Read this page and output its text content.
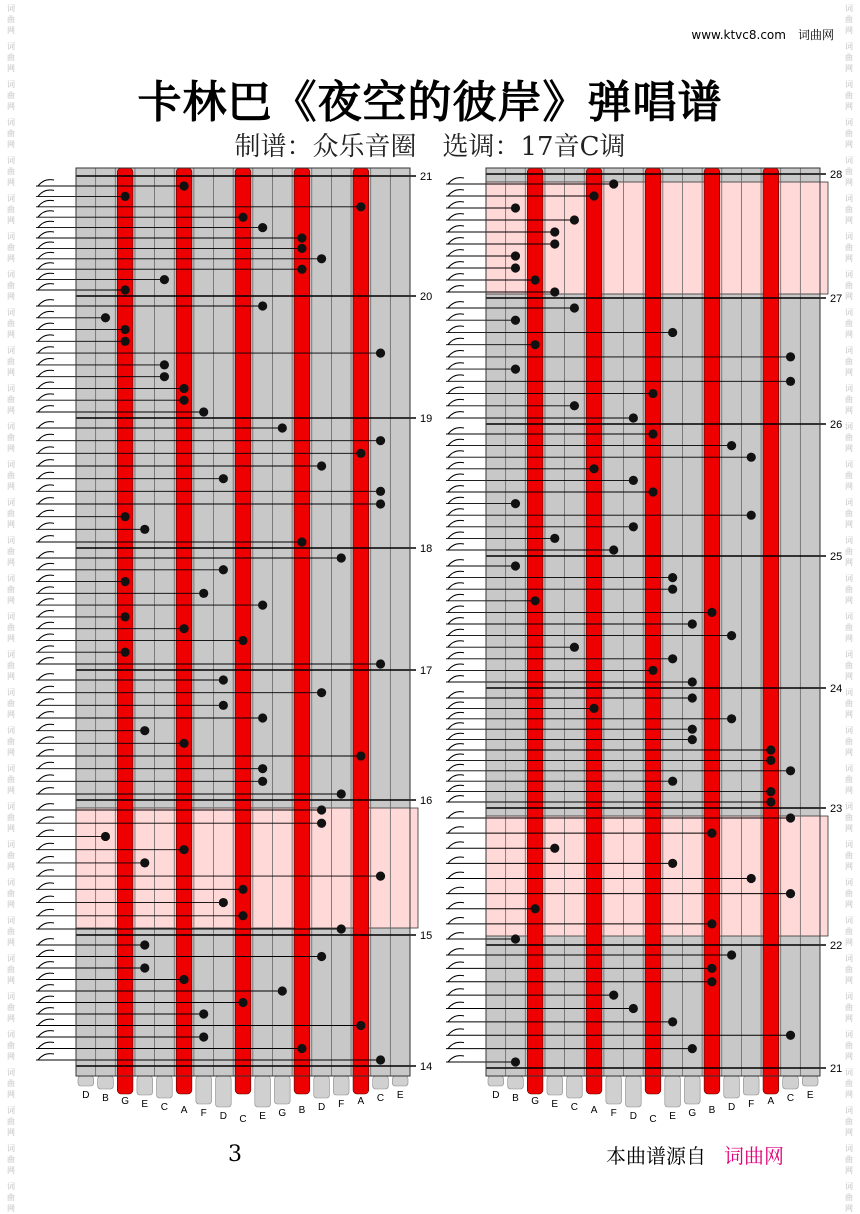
词
曲
网
词
曲
网
词
曲
网
词
曲
网
词
曲
网
词
曲
网
词
曲
网
词
曲
网
词
曲
网
词
曲
网
词
曲
网
词
曲
网
词
曲
网
词
曲
网
词
曲
网
词
曲
网
词
曲
网
词
曲
网
词
曲
网
词
曲
网
词
曲
网
词
曲
网
词
曲
网
词
曲
网
词
曲
网
词
曲
网
词
曲
网
词
曲
网
词
曲
网
词
曲
网
词
曲
网
词
曲
网
词
曲
网
词
曲
网
词
曲
网
词
曲
网
词
曲
网
词
曲
网
词
曲
网
词
曲
网
词
曲
网
词
曲
网
词
曲
网
词
曲
网
词
曲
网
词
曲
网
词
曲
网
词
曲
网
词
曲
网
词
曲
网
词
曲
网
词
曲
网
词
曲
网
词
曲
网
词
曲
网
词
曲
网
词
曲
网
词
曲
网
词
曲
网
词
曲
网
词
曲
网
词
曲
网
词
曲
网
词
曲
网
www.ktvc8.com　 词曲网
卡林巴《夜空的彼岸》弹唱谱
制谱：众乐音圈　选调：17音C调
D B G E C A F D C E G B D F A C E
21
20
19
18
17
16
15
14
D B G E C A F D C E G B D F A C E
28
27
26
25
24
23
22
21
3	本曲谱源自 词曲网
